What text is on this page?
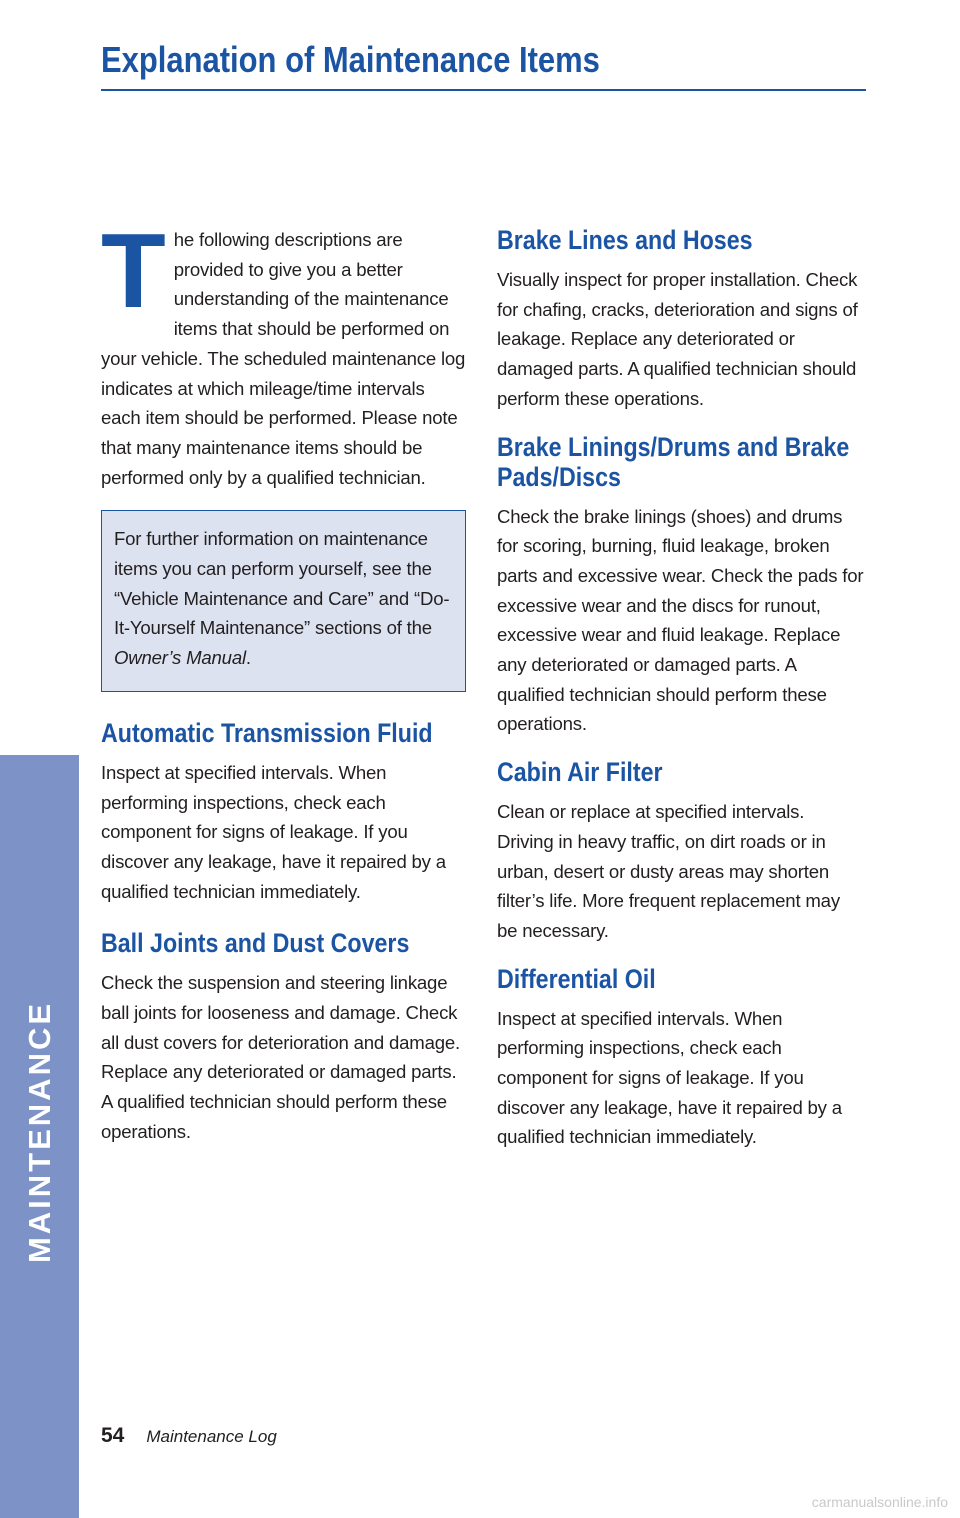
Explanation of Maintenance Items
T he following descriptions are provided to give you a better understanding of the maintenance items that should be performed on your vehicle. The scheduled maintenance log indicates at which mileage/time intervals each item should be performed. Please note that many maintenance items should be performed only by a qualified technician.

For further information on maintenance items you can perform yourself, see the “Vehicle Maintenance and Care” and “Do-It-Yourself Maintenance” sections of the Owner’s Manual.

Automatic Transmission Fluid

Inspect at specified intervals. When performing inspections, check each component for signs of leakage. If you discover any leakage, have it repaired by a qualified technician immediately.

Ball Joints and Dust Covers

Check the suspension and steering linkage ball joints for looseness and damage. Check all dust covers for deterioration and damage. Replace any deteriorated or damaged parts. A qualified technician should perform these operations.

Brake Lines and Hoses

Visually inspect for proper installation. Check for chafing, cracks, deterioration and signs of leakage. Replace any deteriorated or damaged parts. A qualified technician should perform these operations.

Brake Linings/Drums and Brake Pads/Discs

Check the brake linings (shoes) and drums for scoring, burning, fluid leakage, broken parts and excessive wear. Check the pads for excessive wear and the discs for runout, excessive wear and fluid leakage. Replace any deteriorated or damaged parts. A qualified technician should perform these operations.

Cabin Air Filter

Clean or replace at specified intervals. Driving in heavy traffic, on dirt roads or in urban, desert or dusty areas may shorten filter’s life. More frequent replacement may be necessary.

Differential Oil

Inspect at specified intervals. When performing inspections, check each component for signs of leakage. If you discover any leakage, have it repaired by a qualified technician immediately.

MAINTENANCE
54 Maintenance Log
carmanualsonline.info
